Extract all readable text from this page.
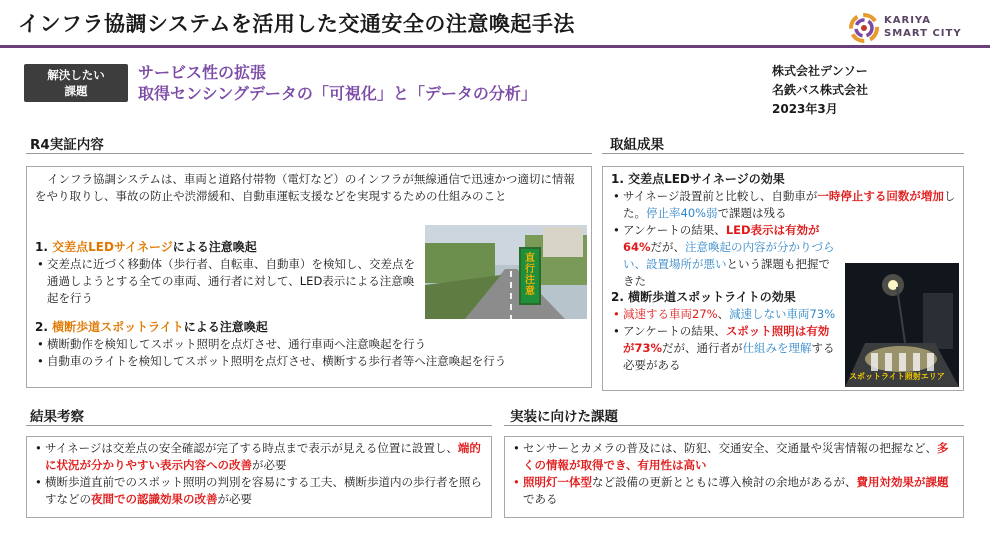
インフラ協調システムを活用した交通安全の注意喚起手法	KARIYA
SMART CITY
解決したい
課題
サービス性の拡張
取得センシングデータの「可視化」と「データの分析」
株式会社デンソー
名鉄バス株式会社
2023年3月
R4実証内容
インフラ協調システムは、車両と道路付帯物（電灯など）のインフラが無線通信で迅速かつ適切に情報をやり取りし、事故の防止や渋滞緩和、自動車運転支援などを実現するための仕組みのこと
1. 交差点LEDサイネージによる注意喚起
• 交差点に近づく移動体（歩行者、自転車、自動車）を検知し、交差点を通過しようとする全ての車両、通行者に対して、LED表示による注意喚起を行う
直行注意
2. 横断歩道スポットライトによる注意喚起
• 横断動作を検知してスポット照明を点灯させ、通行車両へ注意喚起を行う
• 自動車のライトを検知してスポット照明を点灯させ、横断する歩行者等へ注意喚起を行う
取組成果
1. 交差点LEDサイネージの効果
• サイネージ設置前と比較し、自動車が一時停止する回数が増加した。停止率40%弱で課題は残る
• アンケートの結果、LED表示は有効が64%だが、注意喚起の内容が分かりづらい、設置場所が悪いという課題も把握できた
2. 横断歩道スポットライトの効果
• 減速する車両27%、減速しない車両73%
• アンケートの結果、スポット照明は有効が73%だが、通行者が仕組みを理解する必要がある
スポットライト照射エリア
結果考察
• サイネージは交差点の安全確認が完了する時点まで表示が見える位置に設置し、端的に状況が分かりやすい表示内容への改善が必要
• 横断歩道直前でのスポット照明の判別を容易にする工夫、横断歩道内の歩行者を照らすなどの夜間での認識効果の改善が必要
実装に向けた課題
• センサーとカメラの普及には、防犯、交通安全、交通量や災害情報の把握など、多くの情報が取得でき、有用性は高い
• 照明灯一体型など設備の更新とともに導入検討の余地があるが、費用対効果が課題である
